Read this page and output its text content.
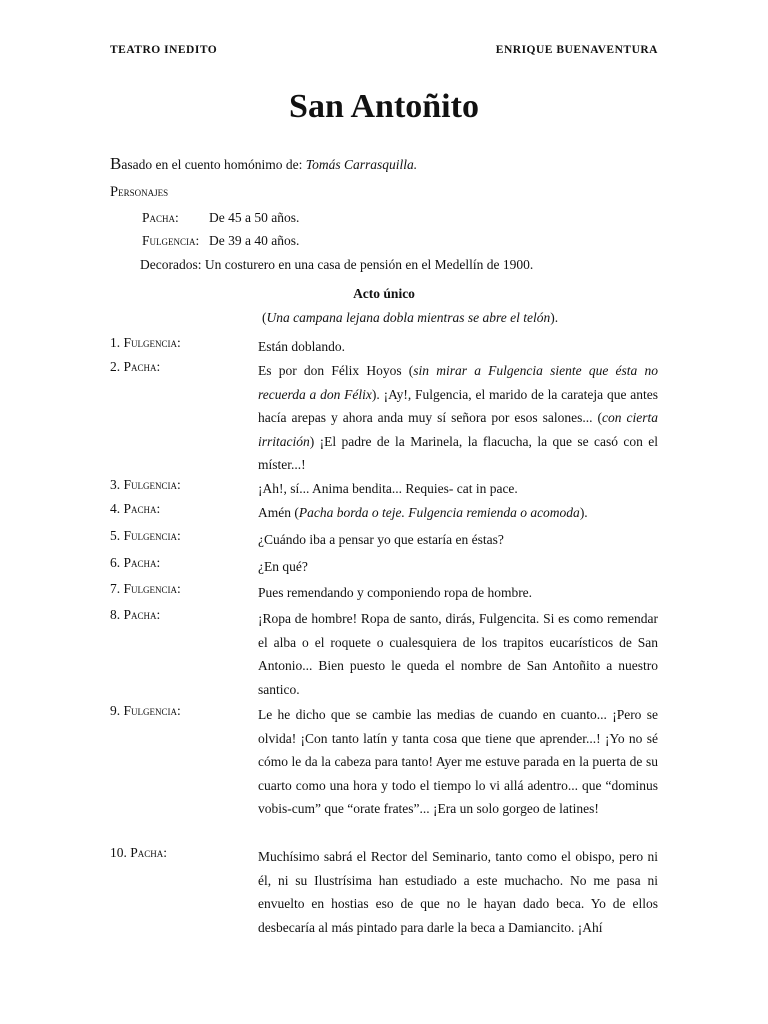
TEATRO INEDITO	ENRIQUE BUENAVENTURA
San Antoñito
Basado en el cuento homónimo de: Tomás Carrasquilla.
Personajes
Pacha: De 45 a 50 años.
Fulgencia: De 39 a 40 años.
Decorados: Un costurero en una casa de pensión en el Medellín de 1900.
Acto único
(Una campana lejana dobla mientras se abre el telón).
1. Fulgencia:	Están doblando.
2. Pacha:	Es por don Félix Hoyos (sin mirar a Fulgencia siente que ésta no recuerda a don Félix). ¡Ay!, Fulgencia, el marido de la carateja que antes hacía arepas y ahora anda muy sí señora por esos salones... (con cierta irritación) ¡El padre de la Marinela, la flacucha, la que se casó con el míster...!
3. Fulgencia:	¡Ah!, sí... Anima bendita... Requies- cat in pace.
4. Pacha:	Amén (Pacha borda o teje. Fulgencia remienda o acomoda).
5. Fulgencia:	¿Cuándo iba a pensar yo que estaría en éstas?
6. Pacha:	¿En qué?
7. Fulgencia:	Pues remendando y componiendo ropa de hombre.
8. Pacha:	¡Ropa de hombre! Ropa de santo, dirás, Fulgencita. Si es como remendar el alba o el roquete o cualesquiera de los trapitos eucarísticos de San Antonio... Bien puesto le queda el nombre de San Antoñito a nuestro santico.
9. Fulgencia:	Le he dicho que se cambie las medias de cuando en cuanto... ¡Pero se olvida! ¡Con tanto latín y tanta cosa que tiene que aprender...! ¡Yo no sé cómo le da la cabeza para tanto! Ayer me estuve parada en la puerta de su cuarto como una hora y todo el tiempo lo vi allá adentro... que “dominus vobis-cum” que “orate frates”... ¡Era un solo gorgeo de latines!
10. Pacha:	Muchísimo sabrá el Rector del Seminario, tanto como el obispo, pero ni él, ni su Ilustrísima han estudiado a este muchacho. No me pasa ni envuelto en hostias eso de que no le hayan dado beca. Yo de ellos desbecaría al más pintado para darle la beca a Damiancito. ¡Ahí
